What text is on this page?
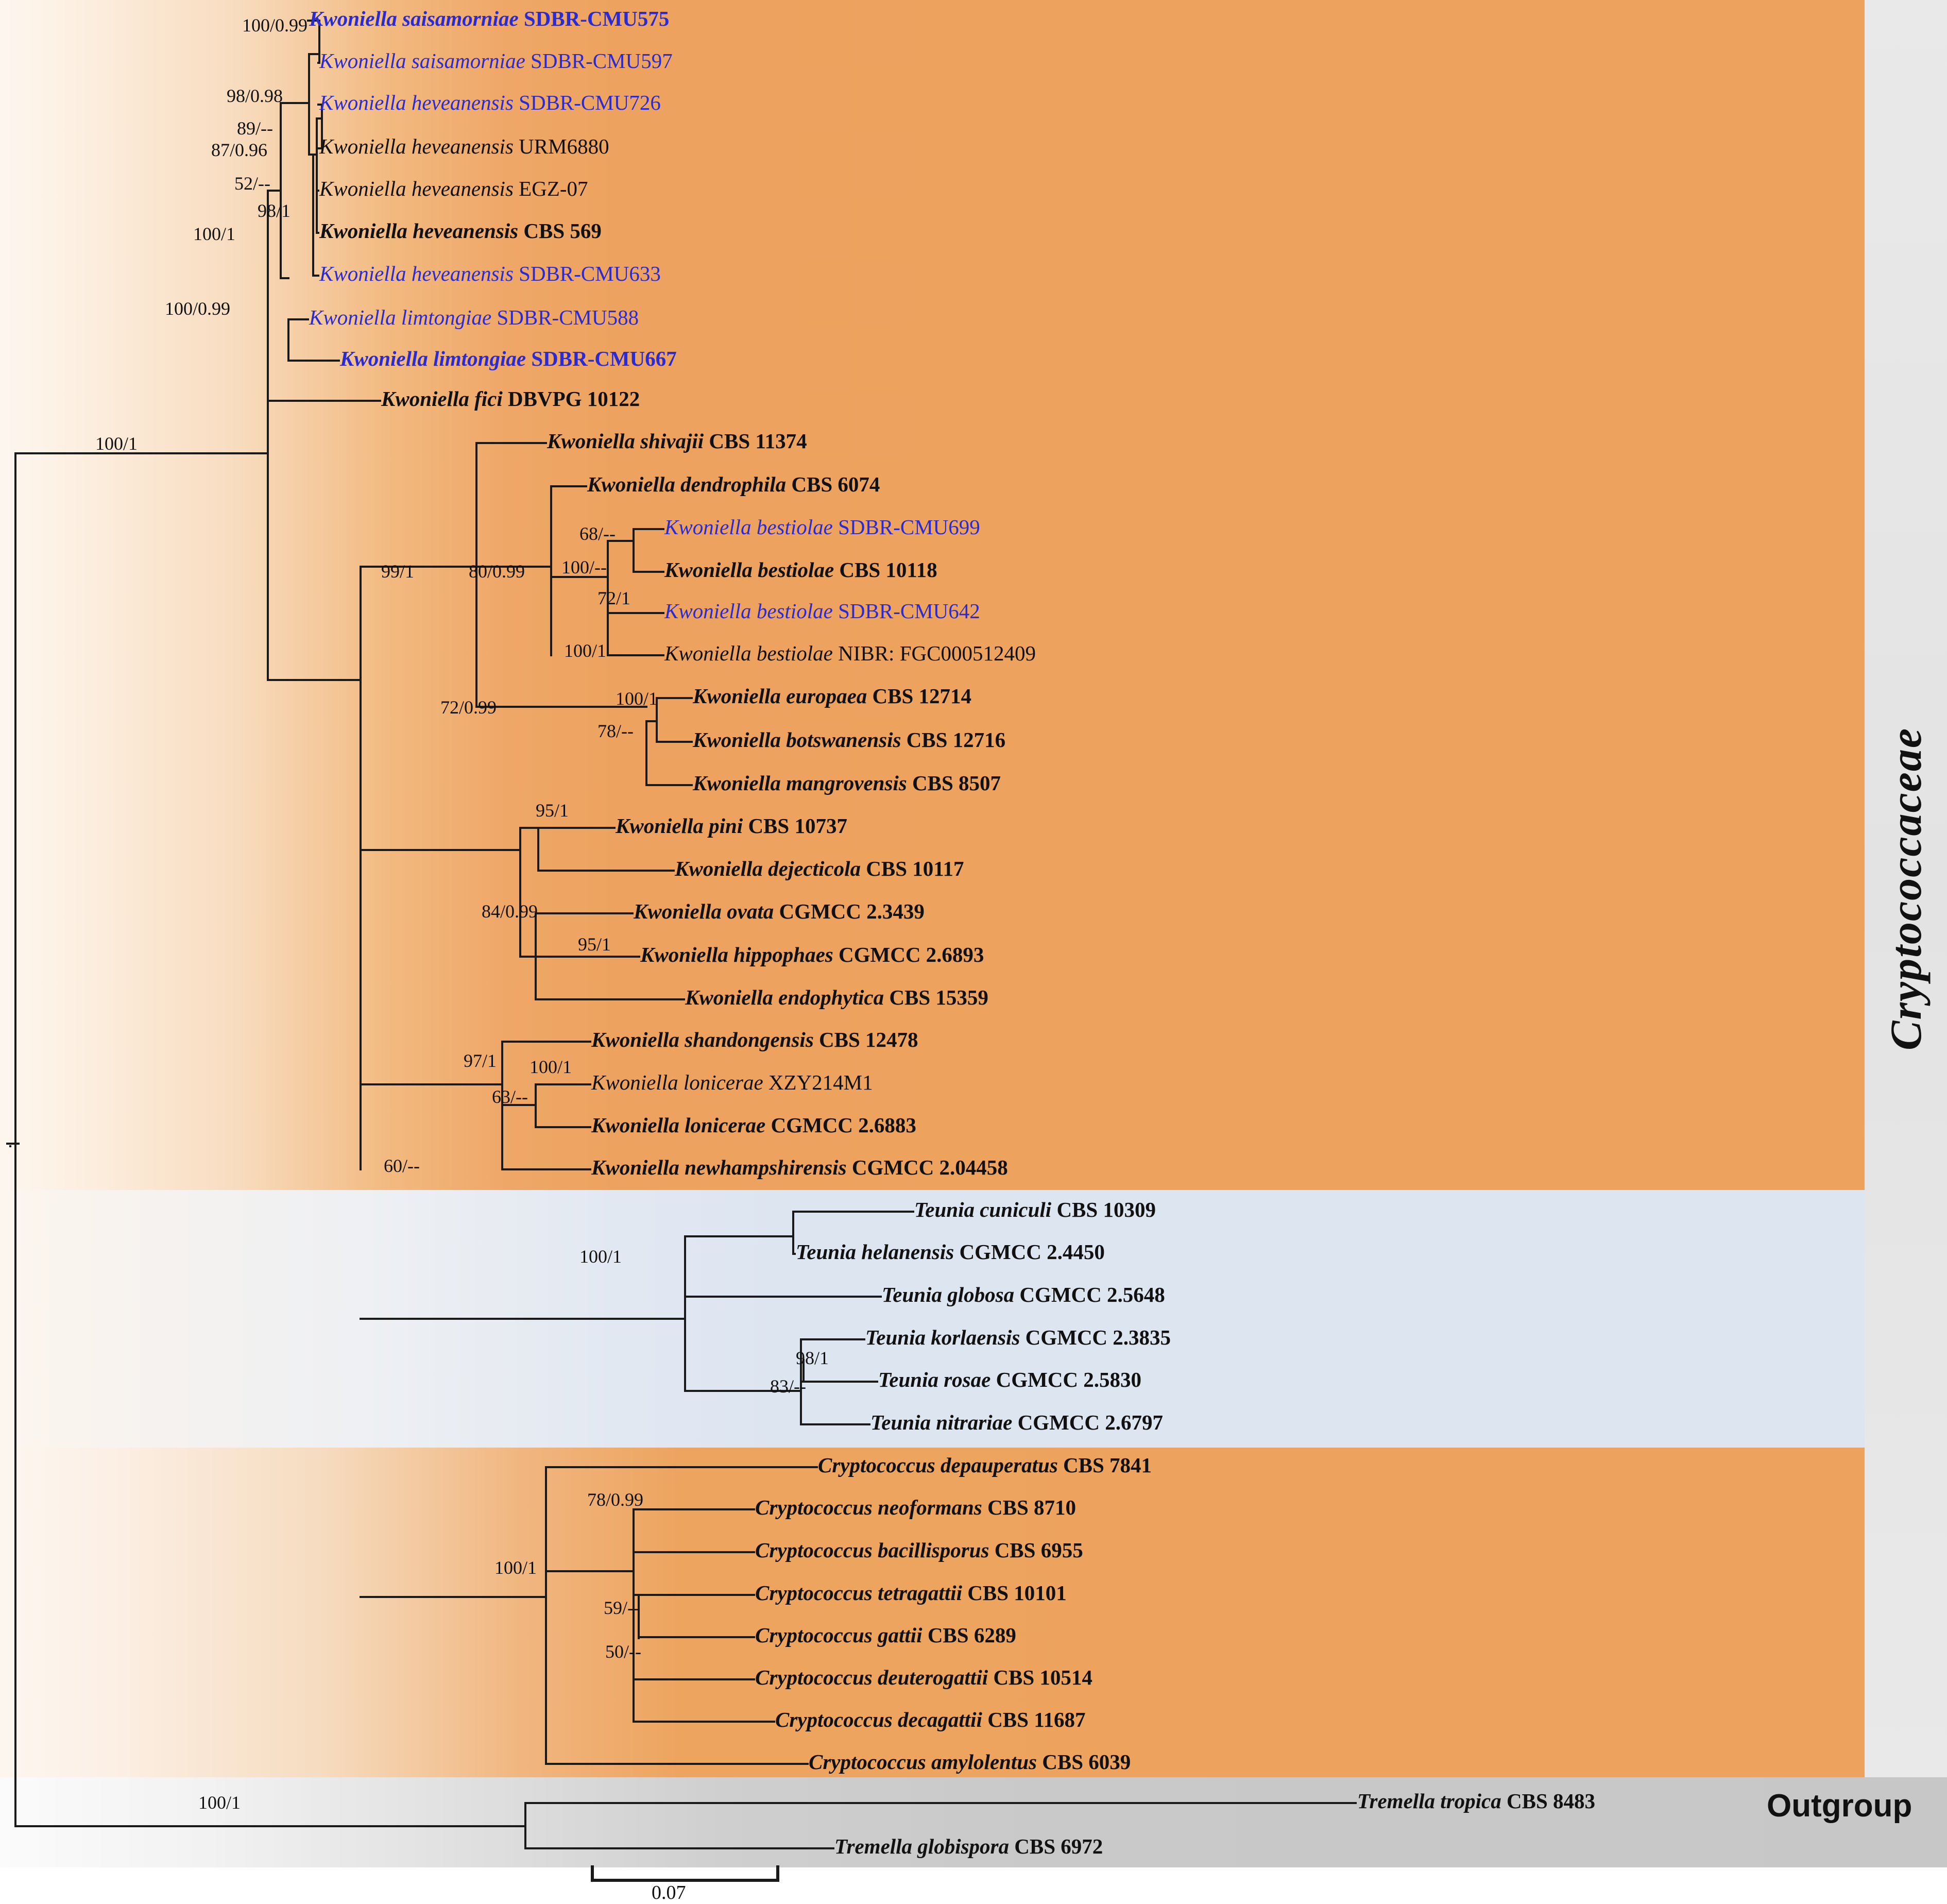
Cryptococcaceae
Outgroup
0.07
Kwoniella saisamorniae SDBR-CMU575
Kwoniella saisamorniae SDBR-CMU597
Kwoniella heveanensis SDBR-CMU726
Kwoniella heveanensis URM6880
Kwoniella heveanensis EGZ-07
Kwoniella heveanensis CBS 569
Kwoniella heveanensis SDBR-CMU633
Kwoniella limtongiae SDBR-CMU588
Kwoniella limtongiae SDBR-CMU667
Kwoniella fici DBVPG 10122
Kwoniella shivajii CBS 11374
Kwoniella dendrophila CBS 6074
Kwoniella bestiolae SDBR-CMU699
Kwoniella bestiolae CBS 10118
Kwoniella bestiolae SDBR-CMU642
Kwoniella bestiolae NIBR: FGC000512409
Kwoniella europaea CBS 12714
Kwoniella botswanensis CBS 12716
Kwoniella mangrovensis CBS 8507
Kwoniella pini CBS 10737
Kwoniella dejecticola CBS 10117
Kwoniella ovata CGMCC 2.3439
Kwoniella hippophaes CGMCC 2.6893
Kwoniella endophytica CBS 15359
Kwoniella shandongensis CBS 12478
Kwoniella lonicerae XZY214M1
Kwoniella lonicerae CGMCC 2.6883
Kwoniella newhampshirensis CGMCC 2.04458
Teunia cuniculi CBS 10309
Teunia helanensis CGMCC 2.4450
Teunia globosa CGMCC 2.5648
Teunia korlaensis CGMCC 2.3835
Teunia rosae CGMCC 2.5830
Teunia nitrariae CGMCC 2.6797
Cryptococcus depauperatus CBS 7841
Cryptococcus neoformans CBS 8710
Cryptococcus bacillisporus CBS 6955
Cryptococcus tetragattii CBS 10101
Cryptococcus gattii CBS 6289
Cryptococcus deuterogattii CBS 10514
Cryptococcus decagattii CBS 11687
Cryptococcus amylolentus CBS 6039
Tremella tropica CBS 8483
Tremella globispora CBS 6972
100/0.99
98/0.98
89/--
87/0.96
52/--
98/1
100/1
100/0.99
100/1
99/1	80/0.99
68/--
100/--
72/1
100/1
72/0.99	100/1
78/--
95/1
84/0.99
95/1
97/1 100/1
63/--
60/--
100/1
98/1
83/--
78/0.99
100/1
59/--
50/--
100/1
